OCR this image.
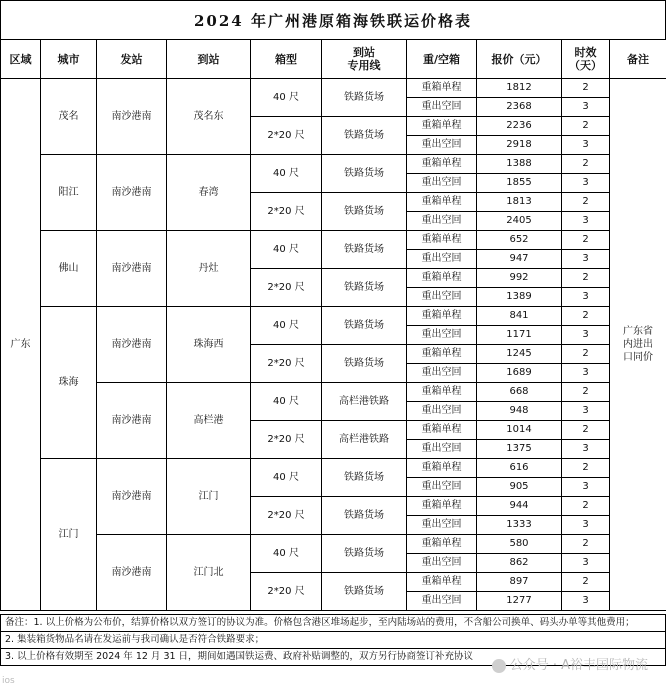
2024 年广州港原箱海铁联运价格表
区域	城市	发站	到站	箱型	到站
专用线	重/空箱	报价（元）	时效
（天）	备注
广东	茂名	南沙港南	茂名东	40 尺	铁路货场	重箱单程	1812	2	广东省
内进出
口同价
						重出空回	2368	3	
				2*20 尺	铁路货场	重箱单程	2236	2	
						重出空回	2918	3	
	阳江	南沙港南	春湾	40 尺	铁路货场	重箱单程	1388	2	
						重出空回	1855	3	
				2*20 尺	铁路货场	重箱单程	1813	2	
						重出空回	2405	3	
	佛山	南沙港南	丹灶	40 尺	铁路货场	重箱单程	652	2	
						重出空回	947	3	
				2*20 尺	铁路货场	重箱单程	992	2	
						重出空回	1389	3	
	珠海	南沙港南	珠海西	40 尺	铁路货场	重箱单程	841	2	
						重出空回	1171	3	
				2*20 尺	铁路货场	重箱单程	1245	2	
						重出空回	1689	3	
		南沙港南	高栏港	40 尺	高栏港铁路	重箱单程	668	2	
						重出空回	948	3	
				2*20 尺	高栏港铁路	重箱单程	1014	2	
						重出空回	1375	3	
	江门	南沙港南	江门	40 尺	铁路货场	重箱单程	616	2	
						重出空回	905	3	
				2*20 尺	铁路货场	重箱单程	944	2	
						重出空回	1333	3	
		南沙港南	江门北	40 尺	铁路货场	重箱单程	580	2	
						重出空回	862	3	
				2*20 尺	铁路货场	重箱单程	897	2	
						重出空回	1277	3	
备注：1. 以上价格为公布价，结算价格以双方签订的协议为准。价格包含港区堆场起步，至内陆场站的费用，不含船公司换单、码头办单等其他费用；
2. 集装箱货物品名请在发运前与我司确认是否符合铁路要求；
3. 以上价格有效期至 2024 年 12 月 31 日，期间如遇国铁运费、政府补贴调整的，双方另行协商签订补充协议
公众号 · A裕丰国际物流
ios
